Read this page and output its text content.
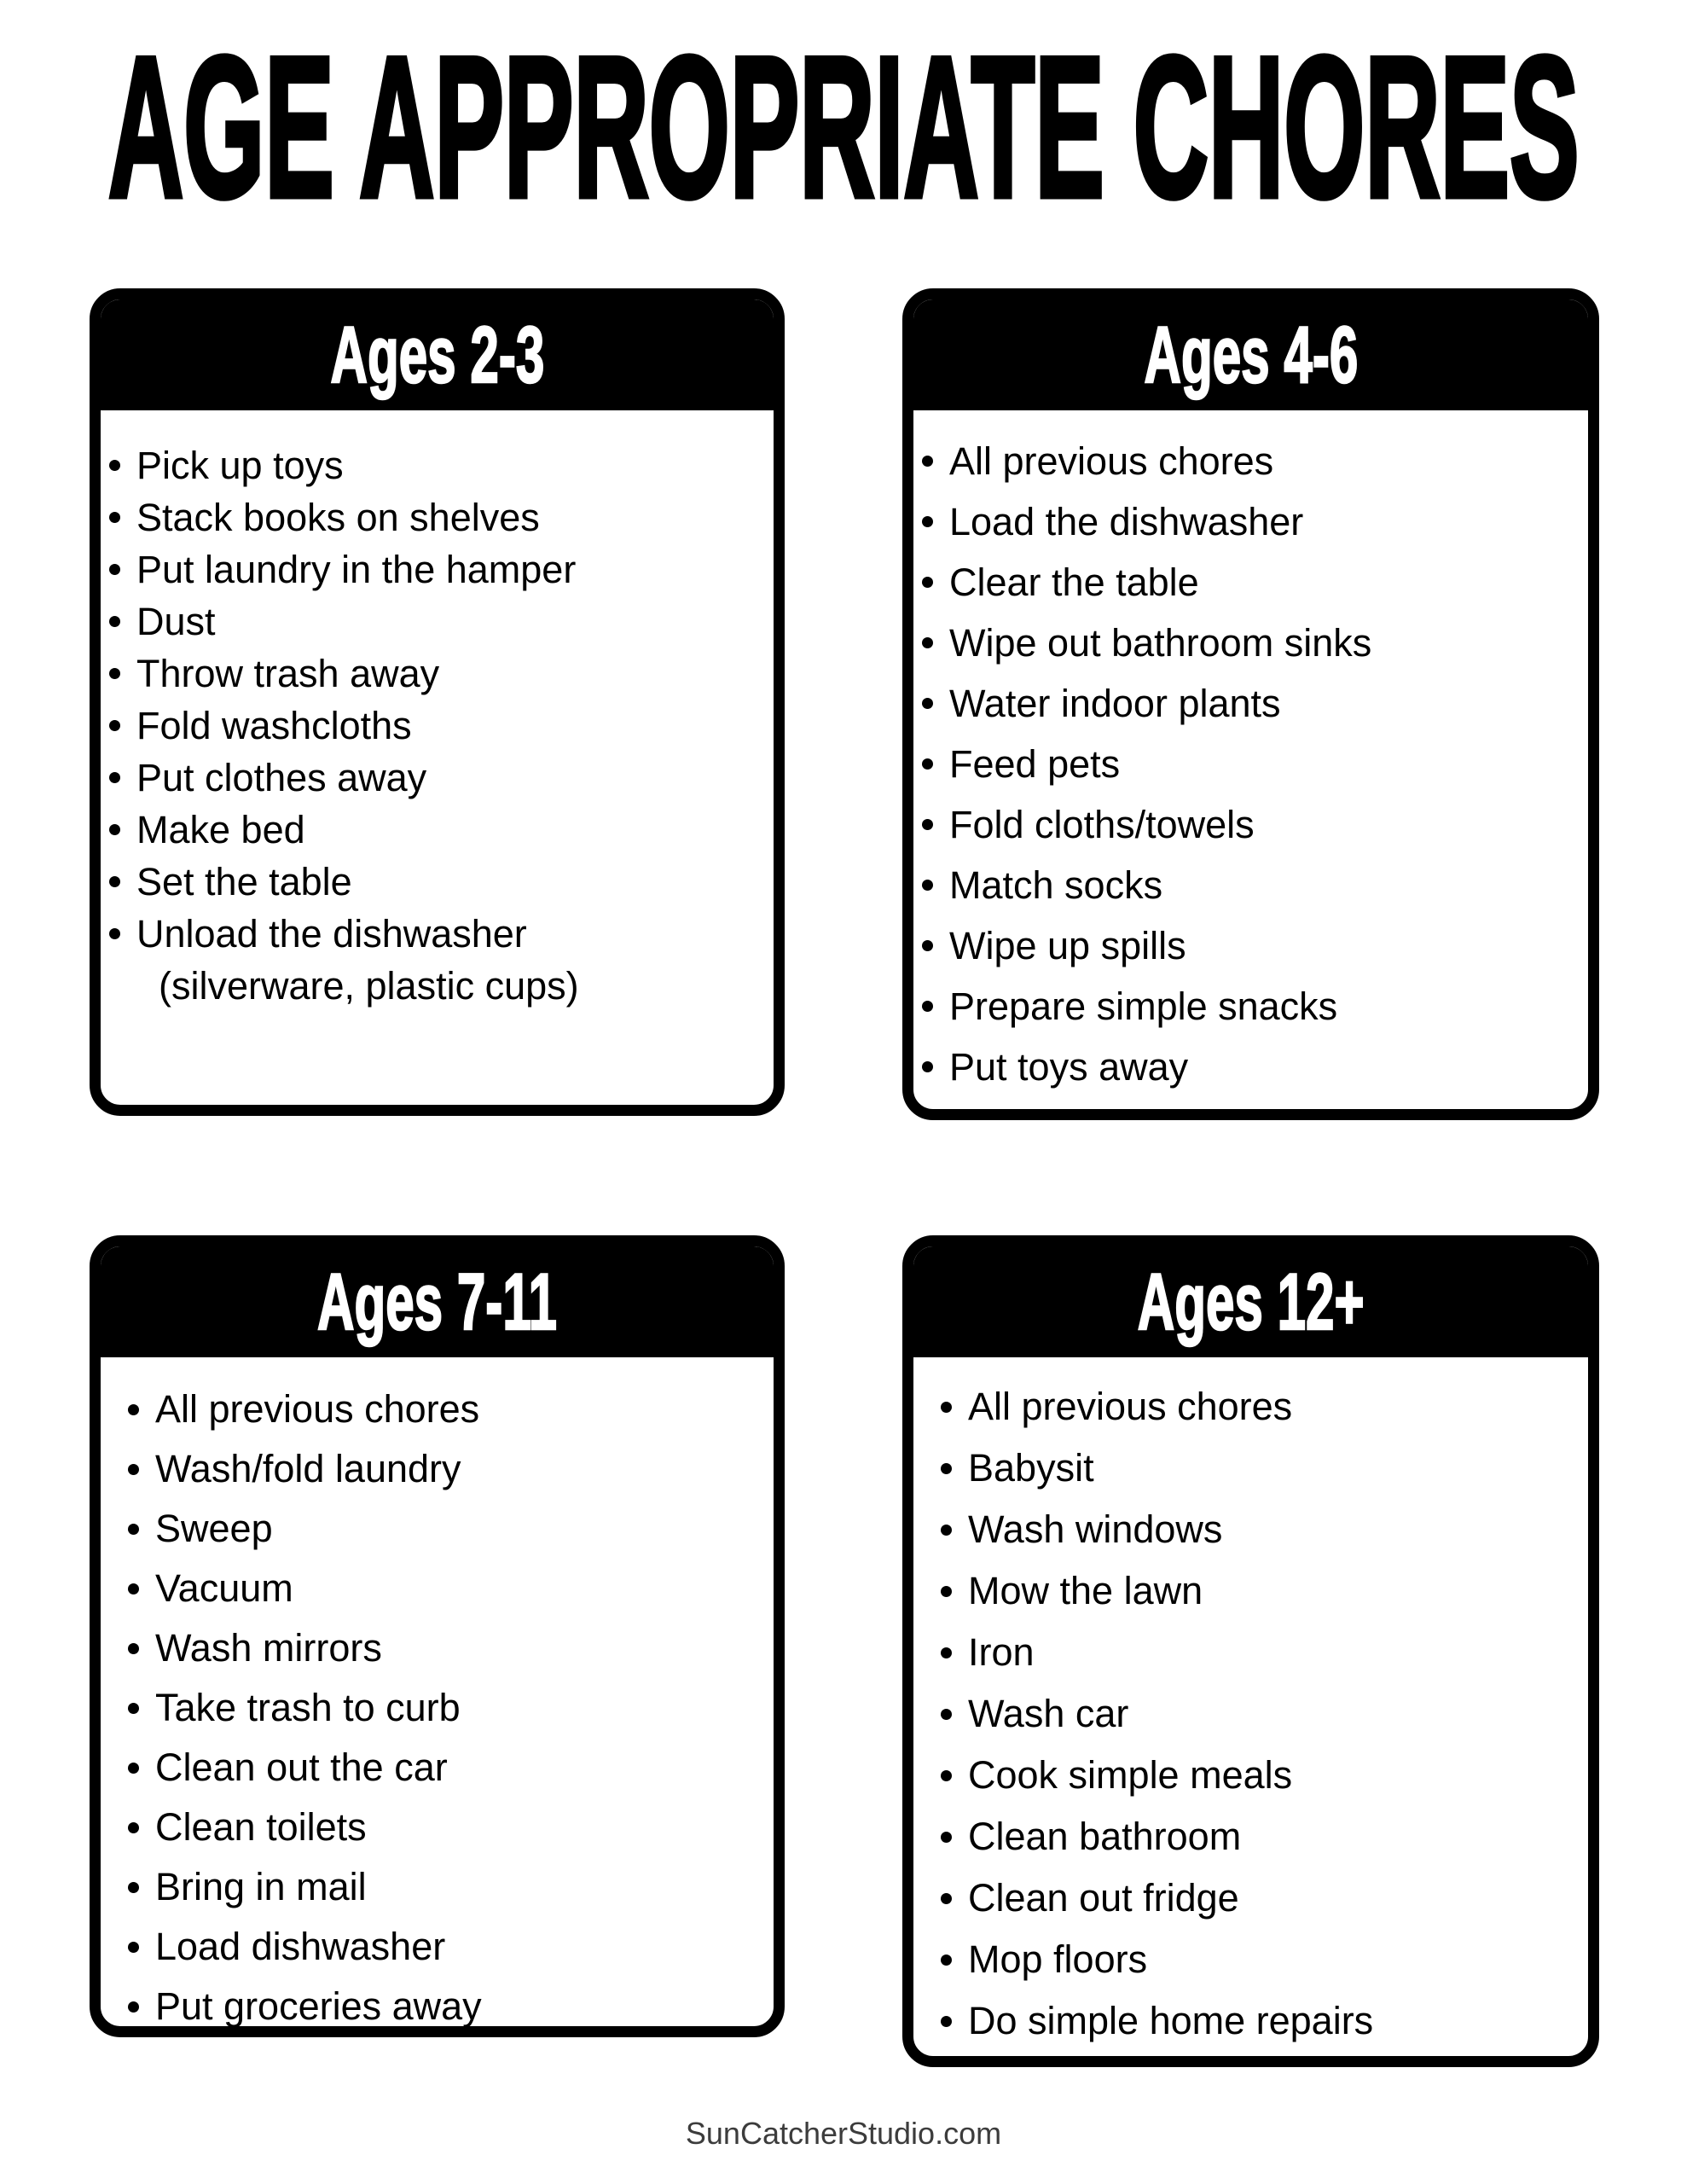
AGE APPROPRIATE CHORES
Ages 2-3
Pick up toys
Stack books on shelves
Put laundry in the hamper
Dust
Throw trash away
Fold washcloths
Put clothes away
Make bed
Set the table
Unload the dishwasher
(silverware, plastic cups)
Ages 4-6
All previous chores
Load the dishwasher
Clear the table
Wipe out bathroom sinks
Water indoor plants
Feed pets
Fold cloths/towels
Match socks
Wipe up spills
Prepare simple snacks
Put toys away
Ages 7-11
All previous chores
Wash/fold laundry
Sweep
Vacuum
Wash mirrors
Take trash to curb
Clean out the car
Clean toilets
Bring in mail
Load dishwasher
Put groceries away
Ages 12+
All previous chores
Babysit
Wash windows
Mow the lawn
Iron
Wash car
Cook simple meals
Clean bathroom
Clean out fridge
Mop floors
Do simple home repairs
SunCatcherStudio.com
